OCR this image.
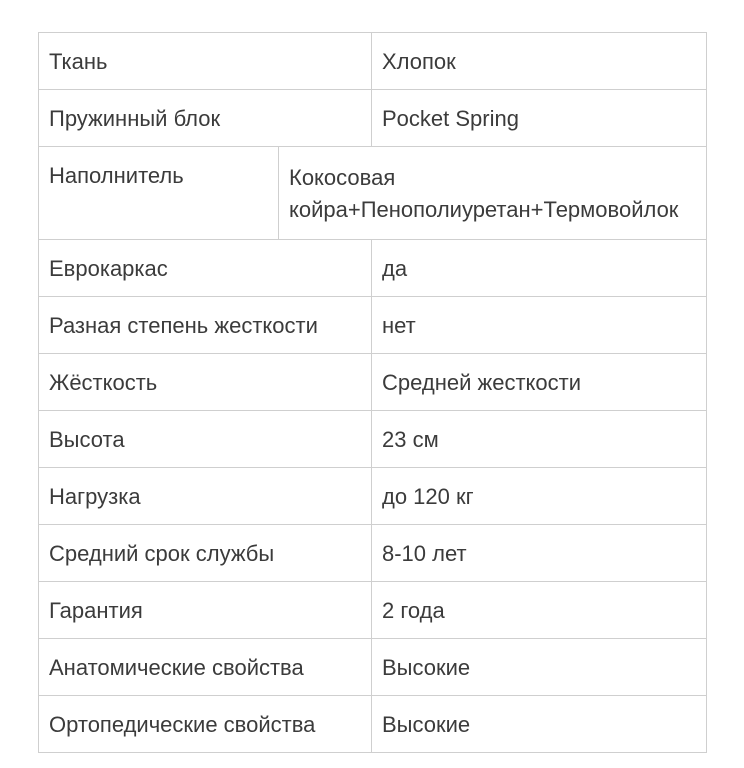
Ткань	Хлопок
Пружинный блок	Pocket Spring
Наполнитель	Кокосовая
койра+Пенополиуретан+Термовойлок
Еврокаркас	да
Разная степень жесткости	нет
Жёсткость	Средней жесткости
Высота	23 см
Нагрузка	до 120 кг
Средний срок службы	8-10 лет
Гарантия	2 года
Анатомические свойства	Высокие
Ортопедические свойства	Высокие
